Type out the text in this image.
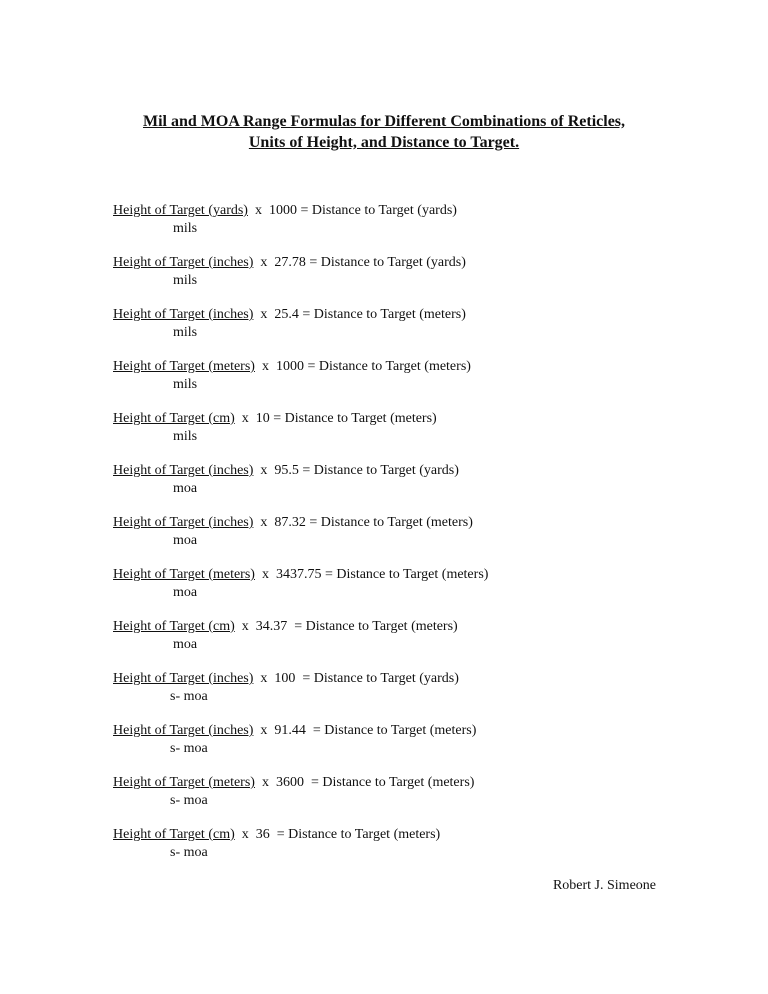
Mil and MOA Range Formulas for Different Combinations of Reticles,
Units of Height, and Distance to Target.
Height of Target (yards)  x  1000 = Distance to Target (yards)
mils
Height of Target (inches)  x  27.78 = Distance to Target (yards)
mils
Height of Target (inches)  x  25.4 = Distance to Target (meters)
mils
Height of Target (meters)  x  1000 = Distance to Target (meters)
mils
Height of Target (cm)  x  10 = Distance to Target (meters)
mils
Height of Target (inches)  x  95.5 = Distance to Target (yards)
moa
Height of Target (inches)  x  87.32 = Distance to Target (meters)
moa
Height of Target (meters)  x  3437.75 = Distance to Target (meters)
moa
Height of Target (cm)  x  34.37  = Distance to Target (meters)
moa
Height of Target (inches)  x  100  = Distance to Target (yards)
s- moa
Height of Target (inches)  x  91.44  = Distance to Target (meters)
s- moa
Height of Target (meters)  x  3600  = Distance to Target (meters)
s- moa
Height of Target (cm)  x  36  = Distance to Target (meters)
s- moa
Robert J. Simeone
